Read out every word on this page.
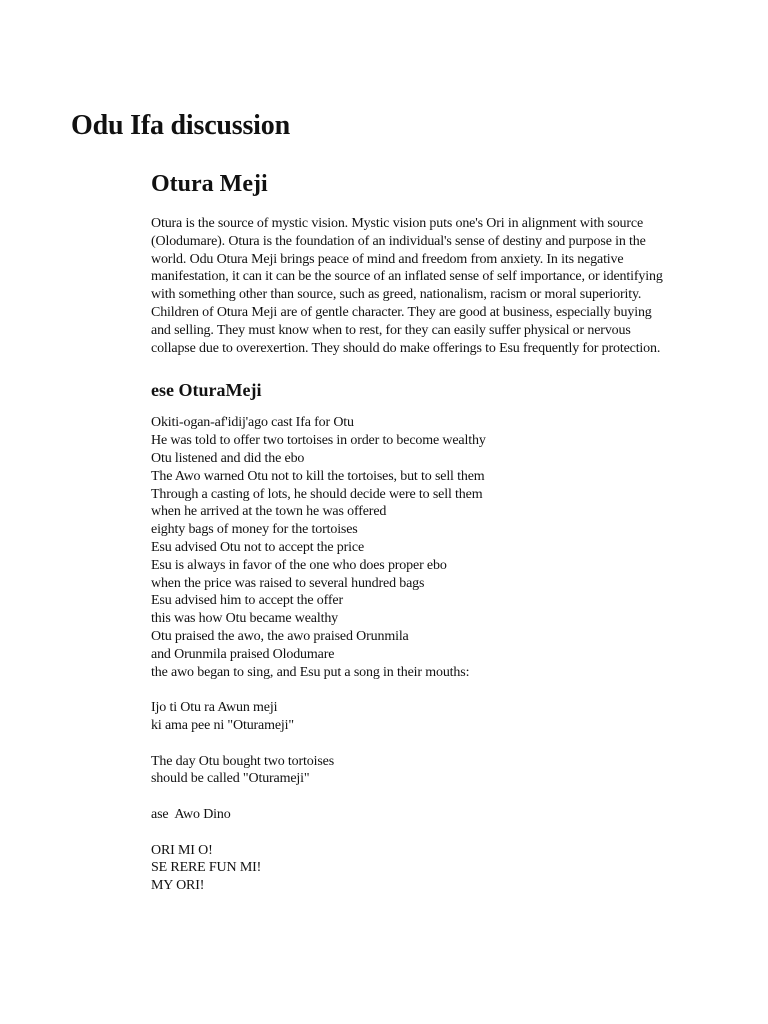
Odu Ifa discussion
Otura Meji

Otura is the source of mystic vision. Mystic vision puts one's Ori in alignment with source (Olodumare). Otura is the foundation of an individual's sense of destiny and purpose in the world. Odu Otura Meji brings peace of mind and freedom from anxiety. In its negative manifestation, it can it can be the source of an inflated sense of self importance, or identifying with something other than source, such as greed, nationalism, racism or moral superiority. Children of Otura Meji are of gentle character. They are good at business, especially buying and selling. They must know when to rest, for they can easily suffer physical or nervous collapse due to overexertion. They should do make offerings to Esu frequently for protection.

ese OturaMeji
Okiti-ogan-af'idij'ago cast Ifa for Otu
He was told to offer two tortoises in order to become wealthy
Otu listened and did the ebo
The Awo warned Otu not to kill the tortoises, but to sell them
Through a casting of lots, he should decide were to sell them
when he arrived at the town he was offered
eighty bags of money for the tortoises
Esu advised Otu not to accept the price
Esu is always in favor of the one who does proper ebo
when the price was raised to several hundred bags
Esu advised him to accept the offer
this was how Otu became wealthy
Otu praised the awo, the awo praised Orunmila
and Orunmila praised Olodumare
the awo began to sing, and Esu put a song in their mouths:
Ijo ti Otu ra Awun meji
ki ama pee ni "Oturameji"
The day Otu bought two tortoises
should be called "Oturameji"
ase  Awo Dino
ORI MI O!
SE RERE FUN MI!
MY ORI!
